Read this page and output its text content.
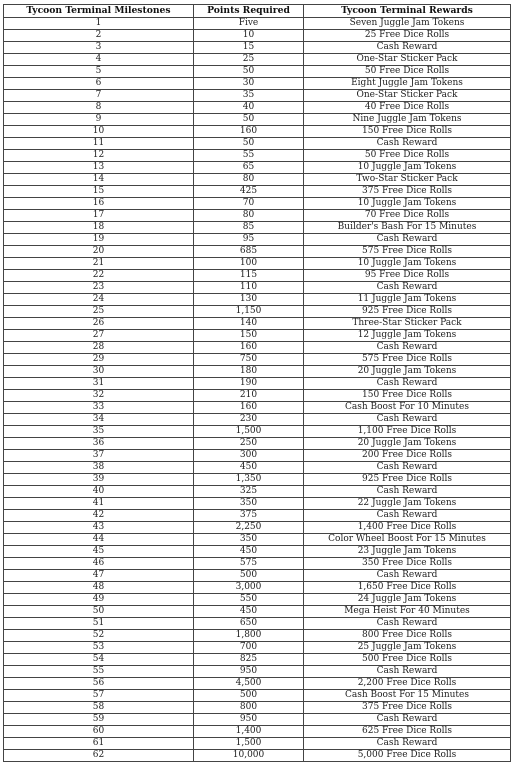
Tycoon Terminal Milestones	Points Required	Tycoon Terminal Rewards
1	Five	Seven Juggle Jam Tokens
2	10	25 Free Dice Rolls
3	15	Cash Reward
4	25	One-Star Sticker Pack
5	50	50 Free Dice Rolls
6	30	Eight Juggle Jam Tokens
7	35	One-Star Sticker Pack
8	40	40 Free Dice Rolls
9	50	Nine Juggle Jam Tokens
10	160	150 Free Dice Rolls
11	50	Cash Reward
12	55	50 Free Dice Rolls
13	65	10 Juggle Jam Tokens
14	80	Two-Star Sticker Pack
15	425	375 Free Dice Rolls
16	70	10 Juggle Jam Tokens
17	80	70 Free Dice Rolls
18	85	Builder's Bash For 15 Minutes
19	95	Cash Reward
20	685	575 Free Dice Rolls
21	100	10 Juggle Jam Tokens
22	115	95 Free Dice Rolls
23	110	Cash Reward
24	130	11 Juggle Jam Tokens
25	1,150	925 Free Dice Rolls
26	140	Three-Star Sticker Pack
27	150	12 Juggle Jam Tokens
28	160	Cash Reward
29	750	575 Free Dice Rolls
30	180	20 Juggle Jam Tokens
31	190	Cash Reward
32	210	150 Free Dice Rolls
33	160	Cash Boost For 10 Minutes
34	230	Cash Reward
35	1,500	1,100 Free Dice Rolls
36	250	20 Juggle Jam Tokens
37	300	200 Free Dice Rolls
38	450	Cash Reward
39	1,350	925 Free Dice Rolls
40	325	Cash Reward
41	350	22 Juggle Jam Tokens
42	375	Cash Reward
43	2,250	1,400 Free Dice Rolls
44	350	Color Wheel Boost For 15 Minutes
45	450	23 Juggle Jam Tokens
46	575	350 Free Dice Rolls
47	500	Cash Reward
48	3,000	1,650 Free Dice Rolls
49	550	24 Juggle Jam Tokens
50	450	Mega Heist For 40 Minutes
51	650	Cash Reward
52	1,800	800 Free Dice Rolls
53	700	25 Juggle Jam Tokens
54	825	500 Free Dice Rolls
55	950	Cash Reward
56	4,500	2,200 Free Dice Rolls
57	500	Cash Boost For 15 Minutes
58	800	375 Free Dice Rolls
59	950	Cash Reward
60	1,400	625 Free Dice Rolls
61	1,500	Cash Reward
62	10,000	5,000 Free Dice Rolls
